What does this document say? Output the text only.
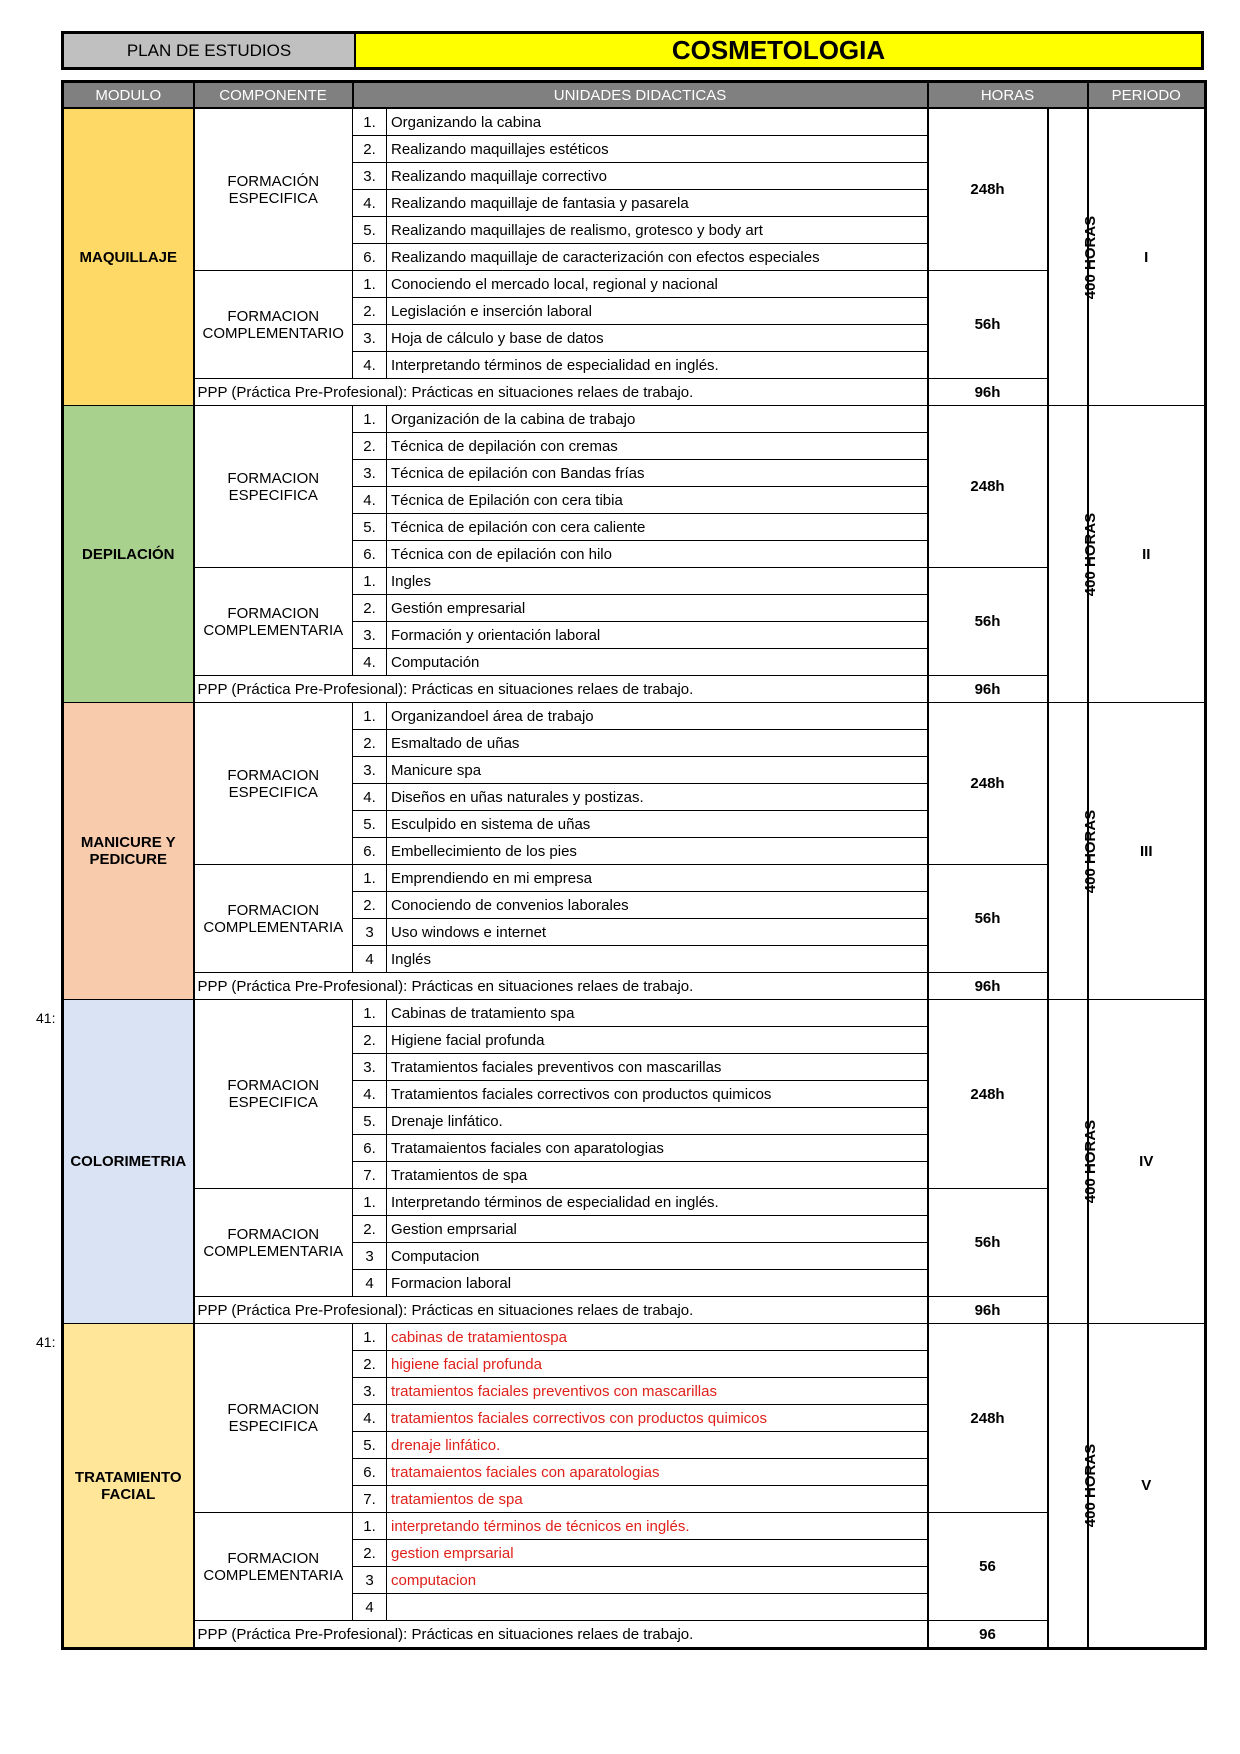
PLAN DE ESTUDIOS	COSMETOLOGIA
41:
41:
MODULO	COMPONENTE	UNIDADES DIDACTICAS		HORAS		PERIODO
MAQUILLAJE	FORMACIÓN ESPECIFICA	1.	Organizando la cabina	248h	400 HORAS	I
		2.	Realizando maquillajes estéticos			
		3.	Realizando maquillaje correctivo			
		4.	Realizando maquillaje de fantasia y pasarela			
		5.	Realizando maquillajes de realismo, grotesco y body art			
		6.	Realizando maquillaje de caracterización con efectos especiales			
	FORMACION COMPLEMENTARIO	1.	Conociendo el mercado local, regional y nacional	56h		
		2.	Legislación e inserción laboral			
		3.	Hoja de cálculo y base de datos			
		4.	Interpretando términos de especialidad en inglés.			
	PPP (Práctica Pre-Profesional): Prácticas en situaciones relaes de trabajo.			96h		
DEPILACIÓN	FORMACION ESPECIFICA	1.	Organización de la cabina de trabajo	248h	400 HORAS	II
		2.	Técnica de depilación con cremas			
		3.	Técnica de epilación con Bandas frías			
		4.	Técnica de Epilación con cera tibia			
		5.	Técnica de epilación con cera caliente			
		6.	Técnica con de epilación con hilo			
	FORMACION COMPLEMENTARIA	1.	Ingles	56h		
		2.	Gestión empresarial			
		3.	Formación y orientación laboral			
		4.	Computación			
	PPP (Práctica Pre-Profesional): Prácticas en situaciones relaes de trabajo.			96h		
MANICURE Y PEDICURE	FORMACION ESPECIFICA	1.	Organizandoel área de trabajo	248h	400 HORAS	III
		2.	Esmaltado de uñas			
		3.	Manicure spa			
		4.	Diseños en uñas naturales y postizas.			
		5.	Esculpido en sistema de uñas			
		6.	Embellecimiento de los pies			
	FORMACION COMPLEMENTARIA	1.	Emprendiendo en mi empresa	56h		
		2.	Conociendo de convenios laborales			
		3	Uso windows e internet			
		4	Inglés			
	PPP (Práctica Pre-Profesional): Prácticas en situaciones relaes de trabajo.			96h		
COLORIMETRIA	FORMACION ESPECIFICA	1.	Cabinas de tratamiento spa	248h	400 HORAS	IV
		2.	Higiene facial profunda			
		3.	Tratamientos faciales preventivos con mascarillas			
		4.	Tratamientos faciales correctivos con productos quimicos			
		5.	Drenaje linfático.			
		6.	Tratamaientos faciales con aparatologias			
		7.	Tratamientos de spa			
	FORMACION COMPLEMENTARIA	1.	Interpretando términos de especialidad en inglés.	56h		
		2.	Gestion emprsarial			
		3	Computacion			
		4	Formacion laboral			
	PPP (Práctica Pre-Profesional): Prácticas en situaciones relaes de trabajo.			96h		
TRATAMIENTO FACIAL	FORMACION ESPECIFICA	1.	cabinas de tratamientospa	248h	400 HORAS	V
		2.	higiene facial profunda			
		3.	tratamientos faciales preventivos con mascarillas			
		4.	tratamientos faciales correctivos con productos quimicos			
		5.	drenaje linfático.			
		6.	tratamaientos faciales con aparatologias			
		7.	tratamientos de spa			
	FORMACION COMPLEMENTARIA	1.	interpretando términos de técnicos en inglés.	56		
		2.	gestion emprsarial			
		3	computacion			
		4				
	PPP (Práctica Pre-Profesional): Prácticas en situaciones relaes de trabajo.			96		
